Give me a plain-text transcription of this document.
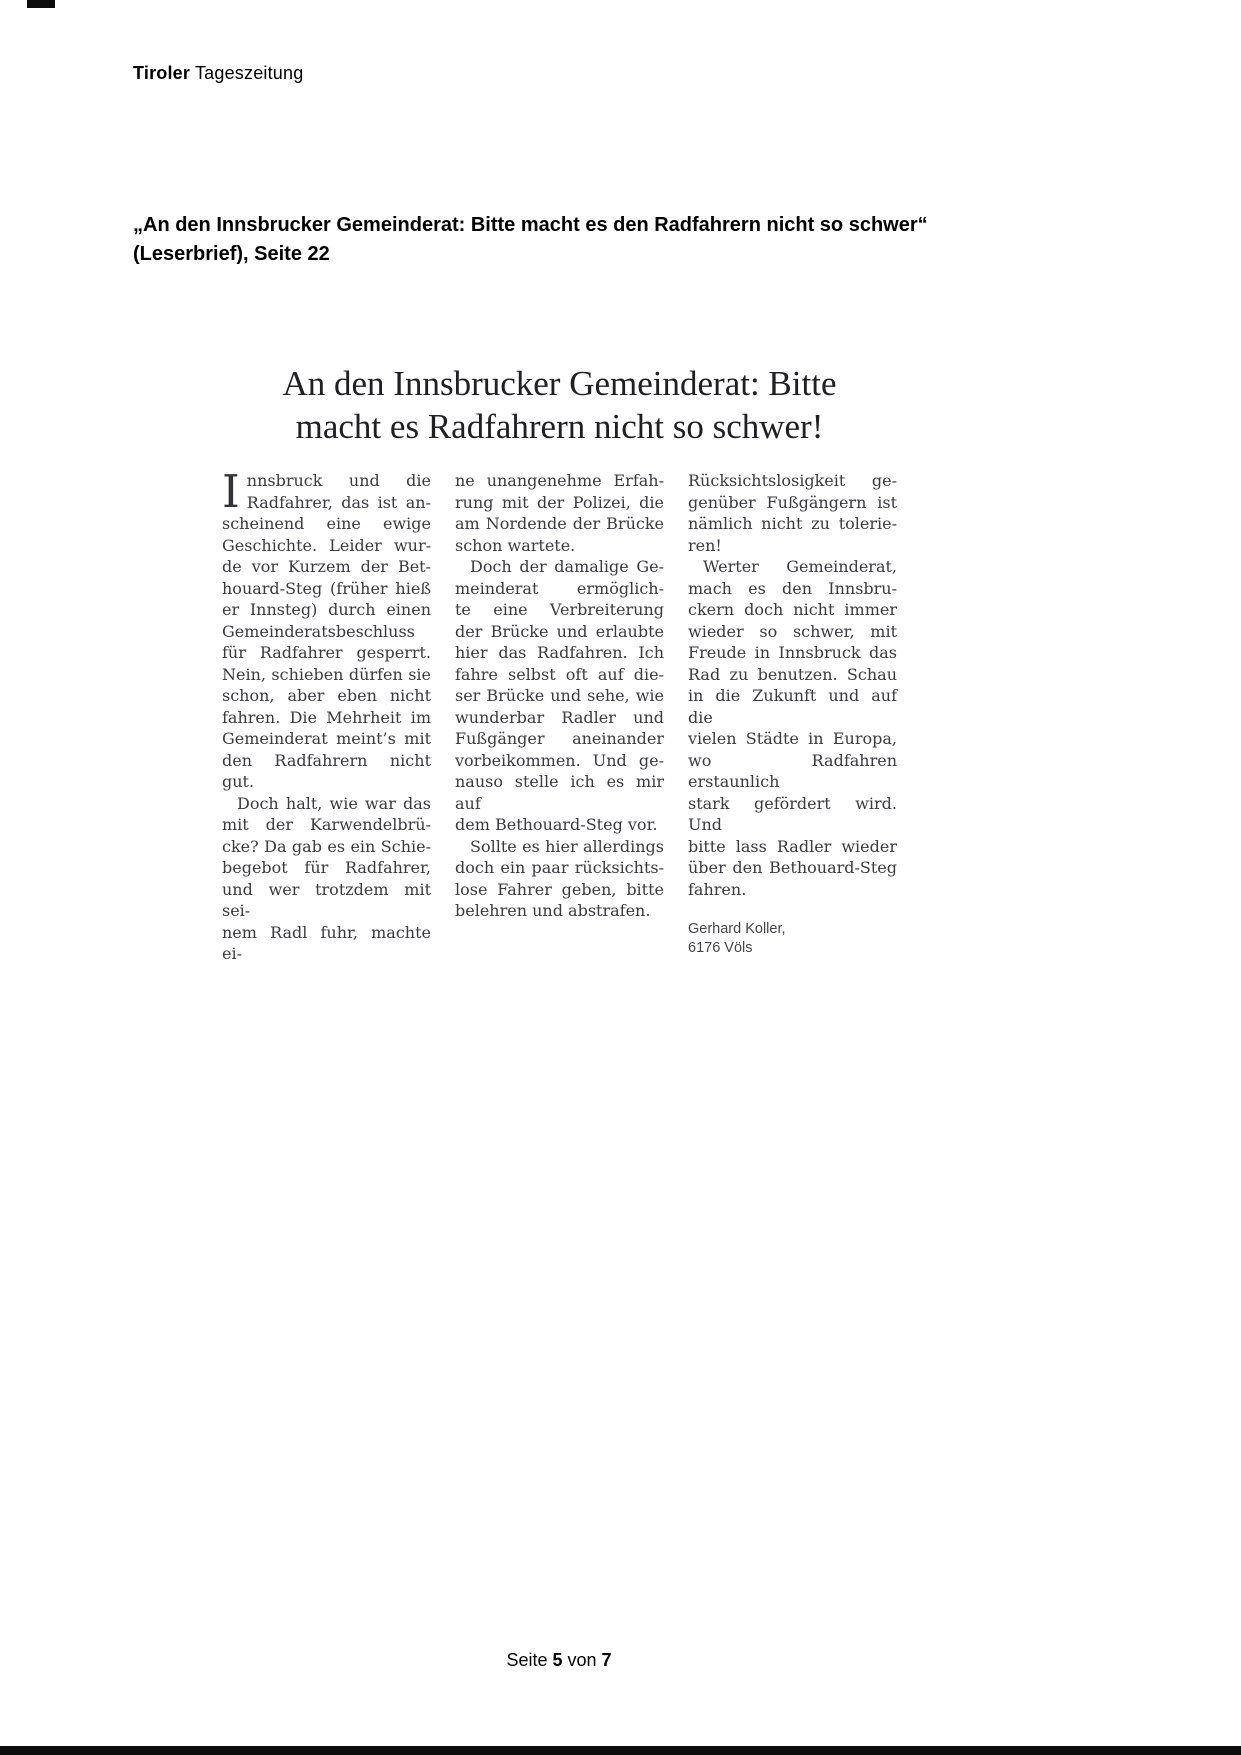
Tiroler Tageszeitung
„An den Innsbrucker Gemeinderat: Bitte macht es den Radfahrern nicht so schwer“ (Leserbrief), Seite 22
An den Innsbrucker Gemeinderat: Bitte
macht es Radfahrern nicht so schwer!
I nnsbruck und die
Radfahrer, das ist an-
scheinend eine ewige
Geschichte. Leider wur-
de vor Kurzem der Bet-
houard-Steg (früher hieß
er Innsteg) durch einen
Gemeinderatsbeschluss
für Radfahrer gesperrt.
Nein, schieben dürfen sie
schon, aber eben nicht
fahren. Die Mehrheit im
Gemeinderat meint’s mit
den Radfahrern nicht gut.
Doch halt, wie war das
mit der Karwendelbrü-
cke? Da gab es ein Schie-
begebot für Radfahrer,
und wer trotzdem mit sei-
nem Radl fuhr, machte ei-
ne unangenehme Erfah-
rung mit der Polizei, die
am Nordende der Brücke
schon wartete.
Doch der damalige Ge-
meinderat ermöglich-
te eine Verbreiterung
der Brücke und erlaubte
hier das Radfahren. Ich
fahre selbst oft auf die-
ser Brücke und sehe, wie
wunderbar Radler und
Fußgänger aneinander
vorbeikommen. Und ge-
nauso stelle ich es mir auf
dem Bethouard-Steg vor.
Sollte es hier allerdings
doch ein paar rücksichts-
lose Fahrer geben, bitte
belehren und abstrafen.
Rücksichtslosigkeit ge-
genüber Fußgängern ist
nämlich nicht zu tolerie-
ren!
Werter Gemeinderat,
mach es den Innsbru-
ckern doch nicht immer
wieder so schwer, mit
Freude in Innsbruck das
Rad zu benutzen. Schau
in die Zukunft und auf die
vielen Städte in Europa,
wo Radfahren erstaunlich
stark gefördert wird. Und
bitte lass Radler wieder
über den Bethouard-Steg
fahren.
Gerhard Koller,
6176 Völs
Seite 5 von 7
